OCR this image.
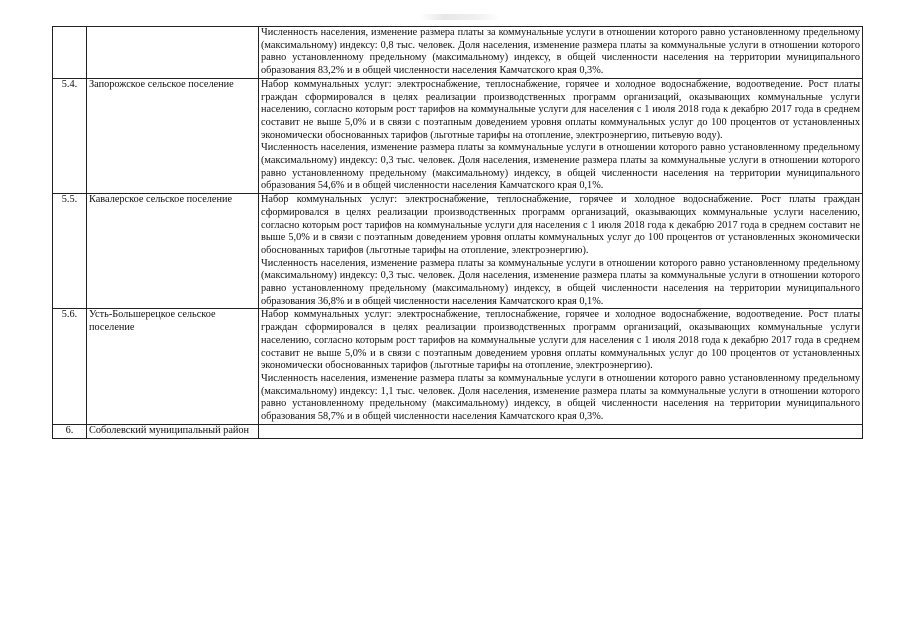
		Численность населения, изменение размера платы за коммунальные услуги в отношении которого равно установленному предельному (максимальному) индексу: 0,8 тыс. человек. Доля населения, изменение размера платы за коммунальные услуги в отношении которого равно установленному предельному (максимальному) индексу, в общей численности населения на территории муниципального образования 83,2% и в общей численности населения Камчатского края 0,3%.

5.4.	Запорожское сельское поселение	Набор коммунальных услуг: электроснабжение, теплоснабжение, горячее и холодное водоснабжение, водоотведение. Рост платы граждан сформировался в целях реализации производственных программ организаций, оказывающих коммунальные услуги населению, согласно которым рост тарифов на коммунальные услуги для населения с 1 июля 2018 года к декабрю 2017 года в среднем составит не выше 5,0% и в связи с поэтапным доведением уровня оплаты коммунальных услуг до 100 процентов от установленных экономически обоснованных тарифов (льготные тарифы на отопление, электроэнергию, питьевую воду).

Численность населения, изменение размера платы за коммунальные услуги в отношении которого равно установленному предельному (максимальному) индексу: 0,3 тыс. человек. Доля населения, изменение размера платы за коммунальные услуги в отношении которого равно установленному предельному (максимальному) индексу, в общей численности населения на территории муниципального образования 54,6% и в общей численности населения Камчатского края 0,1%.

5.5.	Кавалерское сельское поселение	Набор коммунальных услуг: электроснабжение, теплоснабжение, горячее и холодное водоснабжение. Рост платы граждан сформировался в целях реализации производственных программ организаций, оказывающих коммунальные услуги населению, согласно которым рост тарифов на коммунальные услуги для населения с 1 июля 2018 года к декабрю 2017 года в среднем составит не выше 5,0% и в связи с поэтапным доведением уровня оплаты коммунальных услуг до 100 процентов от установленных экономически обоснованных тарифов (льготные тарифы на отопление, электроэнергию).

Численность населения, изменение размера платы за коммунальные услуги в отношении которого равно установленному предельному (максимальному) индексу: 0,3 тыс. человек. Доля населения, изменение размера платы за коммунальные услуги в отношении которого равно установленному предельному (максимальному) индексу, в общей численности населения на территории муниципального образования 36,8% и в общей численности населения Камчатского края 0,1%.

5.6.	Усть-Большерецкое сельское поселение	Набор коммунальных услуг: электроснабжение, теплоснабжение, горячее и холодное водоснабжение, водоотведение. Рост платы граждан сформировался в целях реализации производственных программ организаций, оказывающих коммунальные услуги населению, согласно которым рост тарифов на коммунальные услуги для населения с 1 июля 2018 года к декабрю 2017 года в среднем составит не выше 5,0% и в связи с поэтапным доведением уровня оплаты коммунальных услуг до 100 процентов от установленных экономически обоснованных тарифов (льготные тарифы на отопление, электроэнергию).

Численность населения, изменение размера платы за коммунальные услуги в отношении которого равно установленному предельному (максимальному) индексу: 1,1 тыс. человек. Доля населения, изменение размера платы за коммунальные услуги в отношении которого равно установленному предельному (максимальному) индексу, в общей численности населения на территории муниципального образования 58,7% и в общей численности населения Камчатского края 0,3%.

6.	Соболевский муниципальный район	
